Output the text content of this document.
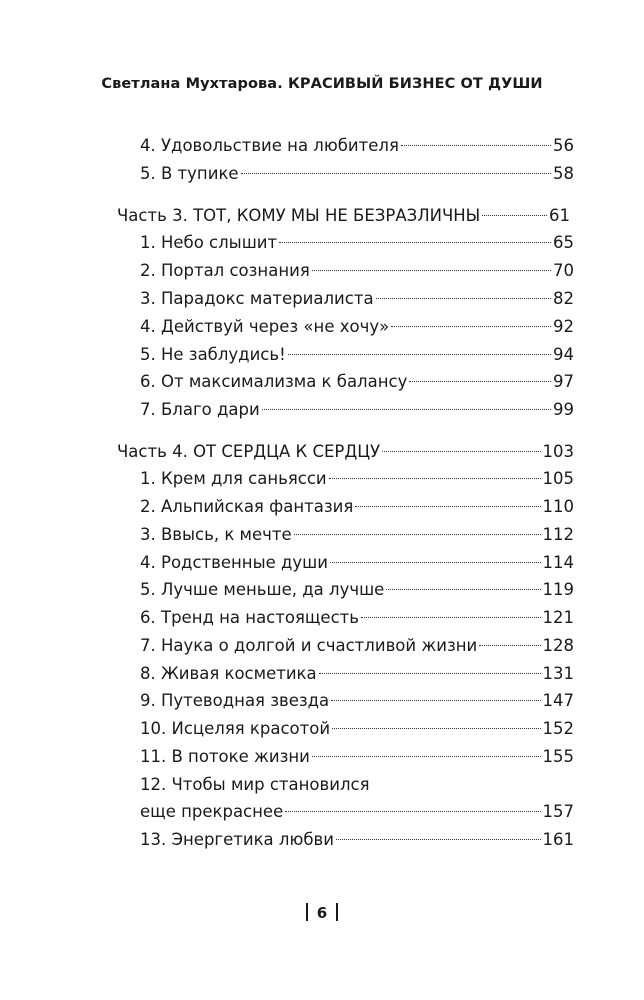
Светлана Мухтарова. КРАСИВЫЙ БИЗНЕС ОТ ДУШИ
4. Удовольствие на любителя	56
5. В тупике	58
Часть 3. ТОТ, КОМУ МЫ НЕ БЕЗРАЗЛИЧНЫ	61
1. Небо слышит	65
2. Портал сознания	70
3. Парадокс материалиста	82
4. Действуй через «не хочу»	92
5. Не заблудись!	94
6. От максимализма к балансу	97
7. Благо дари	99
Часть 4. ОТ СЕРДЦА К СЕРДЦУ	103
1. Крем для саньясси	105
2. Альпийская фантазия	110
3. Ввысь, к мечте	112
4. Родственные души	114
5. Лучше меньше, да лучше	119
6. Тренд на настоящесть	121
7. Наука о долгой и счастливой жизни	128
8. Живая косметика	131
9. Путеводная звезда	147
10. Исцеляя красотой	152
11. В потоке жизни	155
12. Чтобы мир становился
еще прекраснее	157
13. Энергетика любви	161
6
